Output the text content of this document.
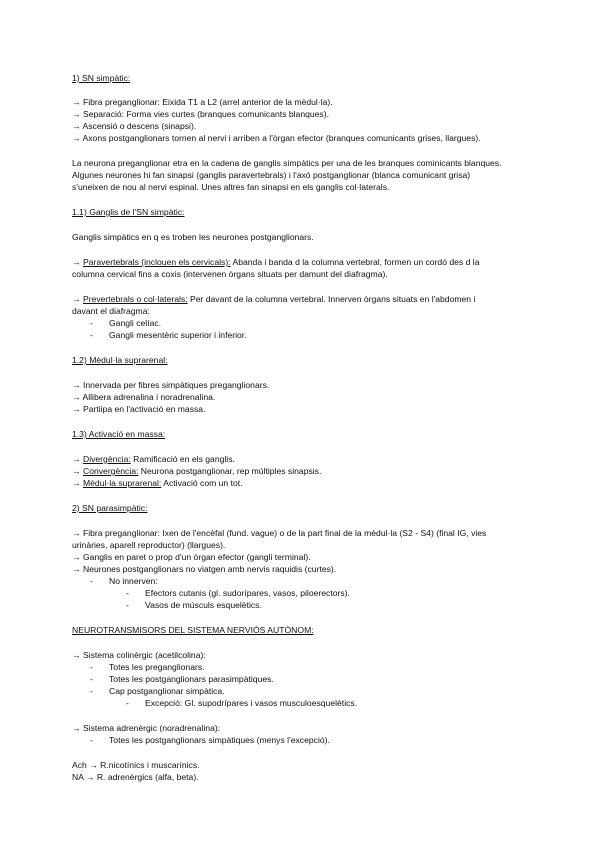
1) SN simpàtic:

→ Fibra preganglionar: Eixida T1 a L2 (arrel anterior de la mèdul·la).

→ Separació: Forma vies curtes (branques comunicants blanques).

→ Ascensió o descens (sinapsi).

→ Axons postganglionars tornen al nervi i arriben a l'òrgan efector (branques comunicants grises, llargues).

La neurona preganglionar etra en la cadena de ganglis simpàtics per una de les branques cominicants blanques.

Algunes neurones hi fan sinapsi (ganglis paravertebrals) i l'axó postganglionar (blanca comunicant grisa)

s'uneixen de nou al nervi espinal. Unes altres fan sinapsi en els ganglis col·laterals.

1.1) Ganglis de l'SN simpàtic:

Ganglis simpàtics en q es troben les neurones postganglionars.

→ Paravertebrals (inclouen els cervicals): Abanda i banda d la columna vertebral, formen un cordó des d la

columna cervical fins a coxis (intervenen òrgans situats per damunt del diafragma).

→ Prevertebrals o col·laterals: Per davant de la columna vertebral. Innerven òrgans situats en l'abdomen i

davant el diafragma:

- Gangli celíac.
- Gangli mesentèric superior i inferior.

1.2) Mèdul·la suprarenal:

→ Innervada per fibres simpàtiques preganglionars.

→ Allibera adrenalina i noradrenalina.

→ Partiipa en l'activació en massa.

1.3) Activació en massa:

→ Divergència: Ramificació en els ganglis.

→ Convergència: Neurona postganglionar, rep múltiples sinapsis.

→ Mèdul·la suprarenal: Activació com un tot.

2) SN parasimpàtic:

→ Fibra preganglionar: Ixen de l'encèfal (fund. vague) o de la part final de la mèdul·la (S2 - S4) (final IG, vies

urinàries, aparell reproductor) (llargues).

→ Ganglis en paret o prop d'un òrgan efector (gangli terminal).

→ Neurones postganglionars no viatgen amb nervis raquidis (curtes).

- No innerven:
- Efectors cutanis (gl. sudorípares, vasos, piloerectors).
- Vasos de músculs esquelètics.

NEUROTRANSMISORS DEL SISTEMA NERVIÓS AUTÒNOM:

→ Sistema colinèrgic (acetilcolina):

- Totes les preganglionars.
- Totes les postganglionars parasimpàtiques.
- Cap postganglionar simpàtica.
- Excepció: Gl. supodrípares i vasos musculoesquelètics.

→ Sistema adrenèrgic (noradrenalina):

- Totes les postganglionars simpàtiques (menys l'excepció).

Ach → R.nicotínics i muscarínics.

NA → R. adrenèrgics (alfa, beta).
